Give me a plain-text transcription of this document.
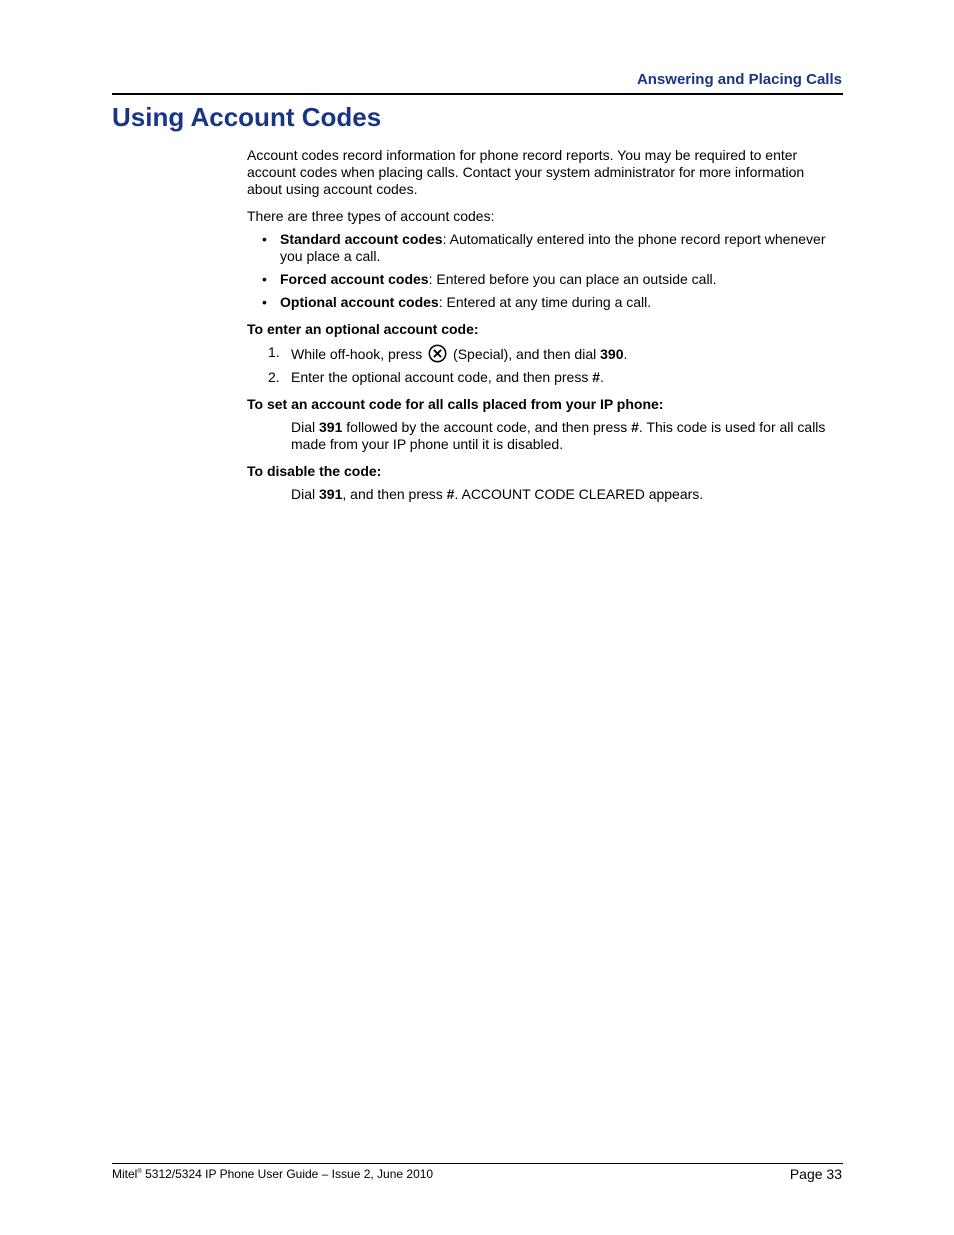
Answering and Placing Calls
Using Account Codes

Account codes record information for phone record reports. You may be required to enter account codes when placing calls. Contact your system administrator for more information about using account codes.

There are three types of account codes:

• Standard account codes: Automatically entered into the phone record report whenever you place a call.
• Forced account codes: Entered before you can place an outside call.
• Optional account codes: Entered at any time during a call.

To enter an optional account code:

1. While off-hook, press  (Special), and then dial 390.
2. Enter the optional account code, and then press #.

To set an account code for all calls placed from your IP phone:

Dial 391 followed by the account code, and then press #. This code is used for all calls made from your IP phone until it is disabled.

To disable the code:

Dial 391, and then press #. ACCOUNT CODE CLEARED appears.

Mitel® 5312/5324 IP Phone User Guide – Issue 2, June 2010	Page 33
